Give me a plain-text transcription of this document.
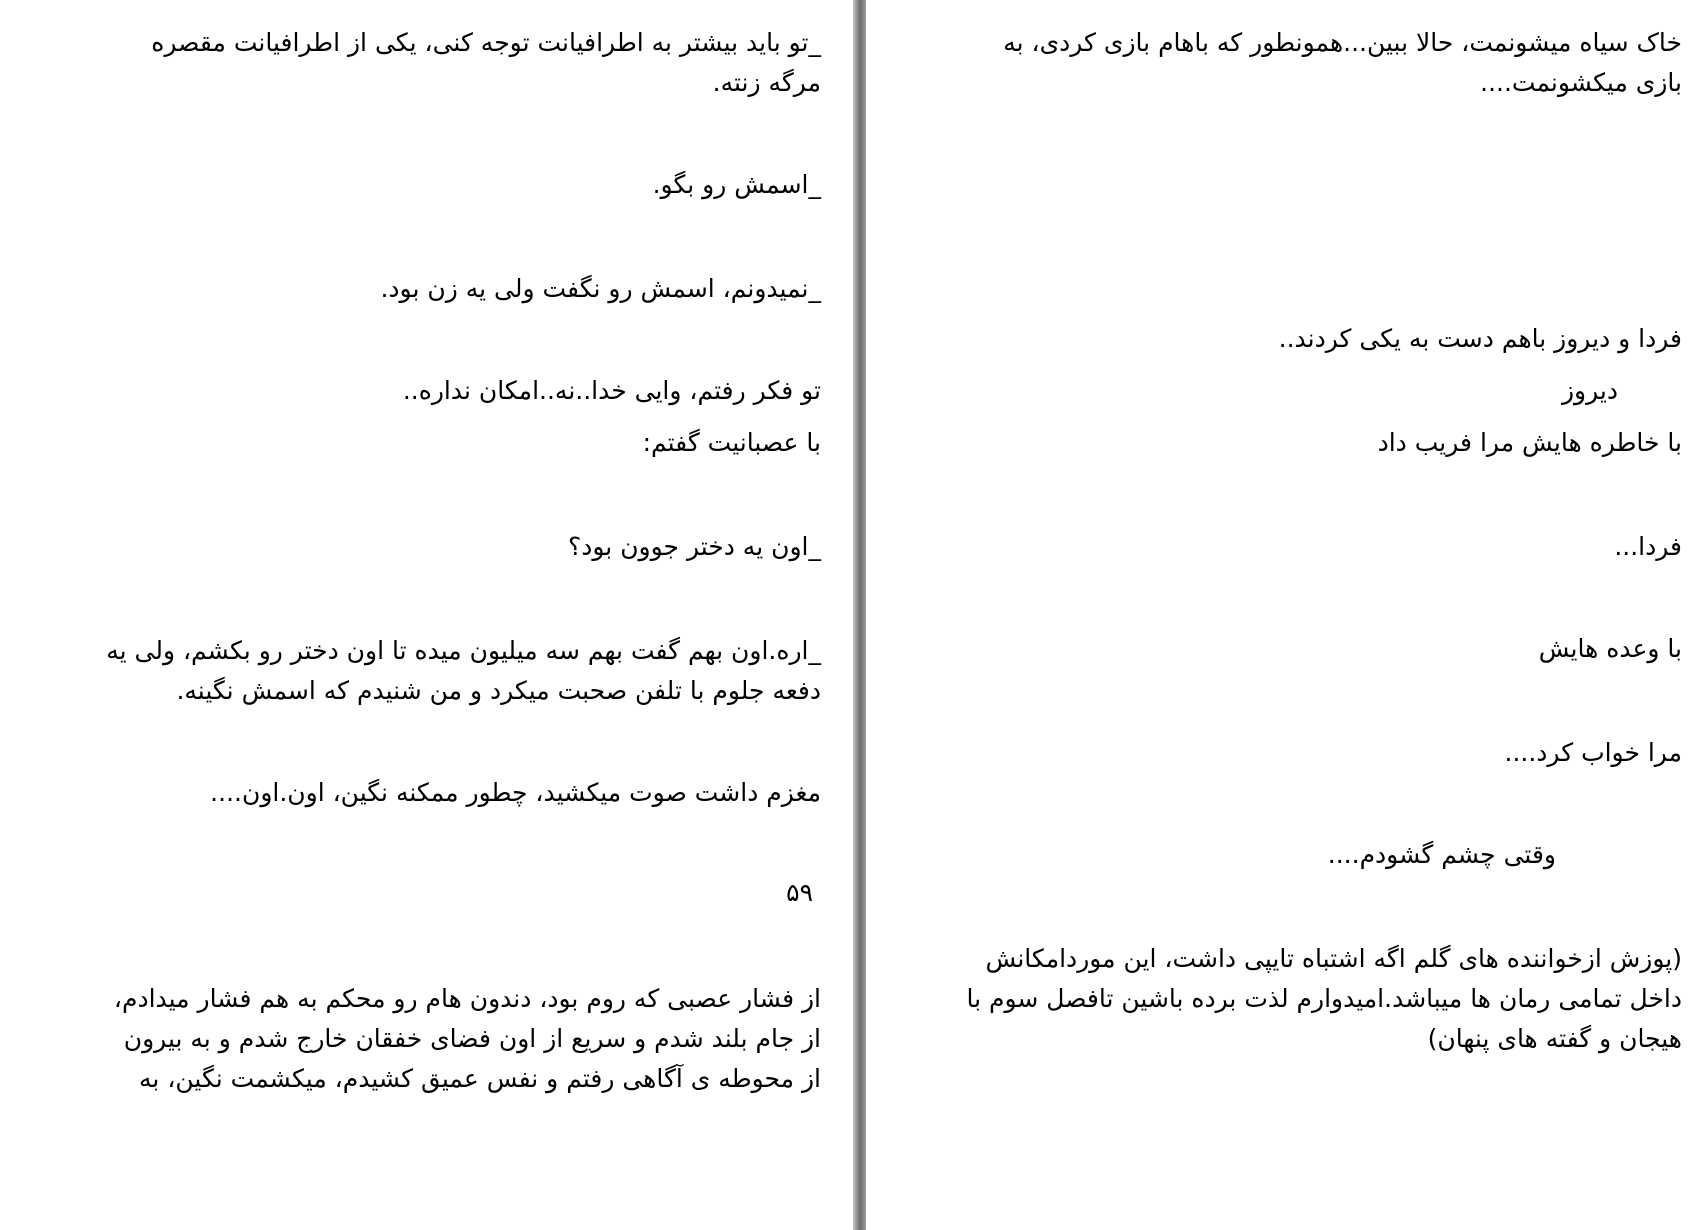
_تو باید بیشتر به اطرافیانت توجه کنی، یکی از اطرافیانت مقصره
مرگه زنته.
_اسمش رو بگو.
_نمیدونم، اسمش رو نگفت ولی یه زن بود.
تو فکر رفتم، وایی خدا..نه..امکان نداره..
با عصبانیت گفتم:
_اون یه دختر جوون بود؟
_اره.اون بهم گفت بهم سه میلیون میده تا اون دختر رو بکشم، ولی یه
دفعه جلوم با تلفن صحبت میکرد و من شنیدم که اسمش نگینه.
مغزم داشت صوت میکشید، چطور ممکنه نگین، اون.اون....
۵۹
از فشار عصبی که روم بود، دندون هام رو محکم به هم فشار میدادم،
از جام بلند شدم و سریع از اون فضای خفقان خارج شدم و به بیرون
از محوطه ی آگاهی رفتم و نفس عمیق کشیدم، میکشمت نگین، به
خاک سیاه میشونمت، حالا ببین...همونطور که باهام بازی کردی، به
بازی میکشونمت....
فردا و دیروز باهم دست به یکی کردند..
دیروز
با خاطره هایش مرا فریب داد
فردا...
با وعده هایش
مرا خواب کرد....
وقتی چشم گشودم....
(پوزش ازخواننده های گلم اگه اشتباه تایپی داشت، این موردامکانش
داخل تمامی رمان ها میباشد.امیدوارم لذت برده باشین تافصل سوم با
هیجان و گفته های پنهان)
